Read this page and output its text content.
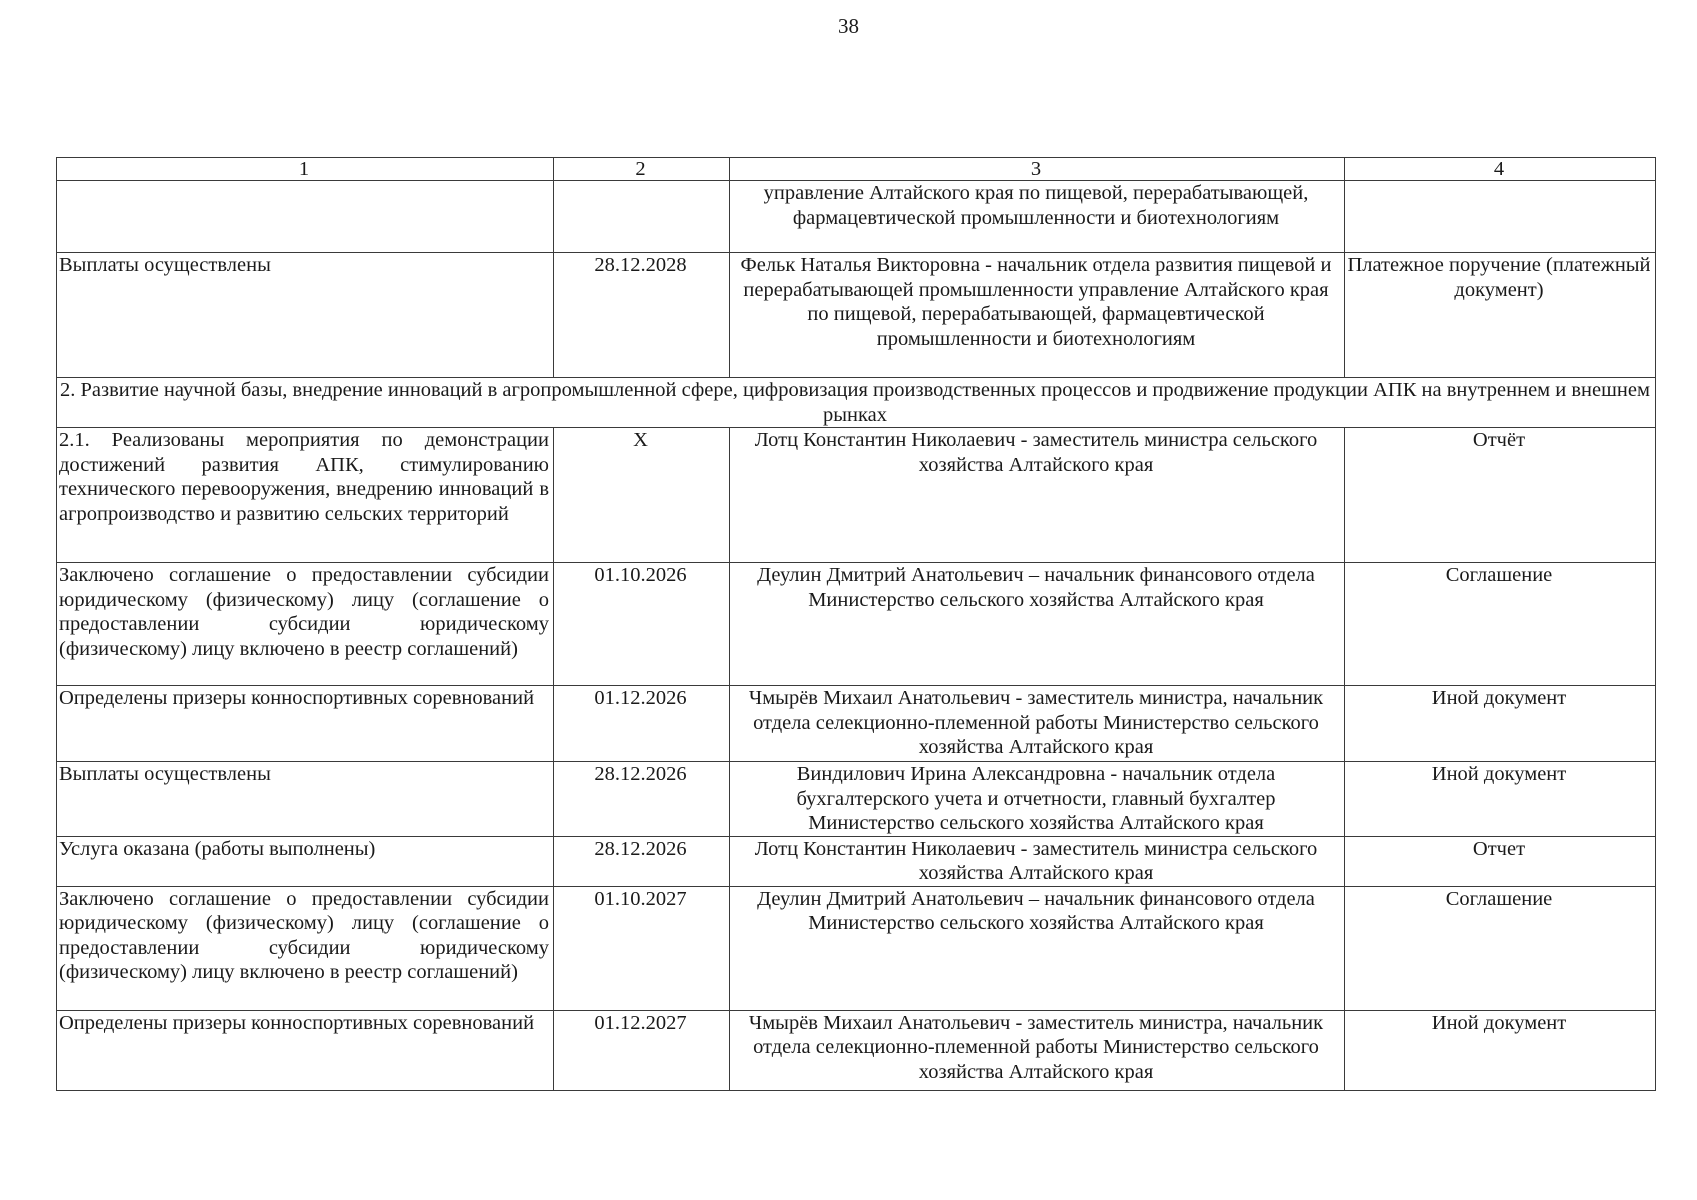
38
1	2	3	4
		управление Алтайского края по пищевой, перерабатывающей, фармацевтической промышленности и биотехнологиям	
Выплаты осуществлены	28.12.2028	Фельк Наталья Викторовна - начальник отдела развития пищевой и перерабатывающей промышленности управление Алтайского края по пищевой, перерабатывающей, фармацевтической промышленности и биотехнологиям	Платежное поручение (платежный документ)
2. Развитие научной базы, внедрение инноваций в агропромышленной сфере, цифровизация производственных процессов и продвижение продукции АПК на внутреннем и внешнем рынках			
2.1. Реализованы мероприятия по демонстрации достижений развития АПК, стимулированию технического перевооружения, внедрению инноваций в агропроизводство и развитию сельских территорий	X	Лотц Константин Николаевич - заместитель министра сельского хозяйства Алтайского края	Отчёт
Заключено соглашение о предоставлении субсидии юридическому (физическому) лицу (соглашение о предоставлении субсидии юридическому (физическому) лицу включено в реестр соглашений)	01.10.2026	Деулин Дмитрий Анатольевич – начальник финансового отдела Министерство сельского хозяйства Алтайского края	Соглашение
Определены призеры конноспортивных соревнований	01.12.2026	Чмырёв Михаил Анатольевич - заместитель министра, начальник отдела селекционно-племенной работы Министерство сельского хозяйства Алтайского края	Иной документ
Выплаты осуществлены	28.12.2026	Виндилович Ирина Александровна - начальник отдела бухгалтерского учета и отчетности, главный бухгалтер Министерство сельского хозяйства Алтайского края	Иной документ
Услуга оказана (работы выполнены)	28.12.2026	Лотц Константин Николаевич - заместитель министра сельского хозяйства Алтайского края	Отчет
Заключено соглашение о предоставлении субсидии юридическому (физическому) лицу (соглашение о предоставлении субсидии юридическому (физическому) лицу включено в реестр соглашений)	01.10.2027	Деулин Дмитрий Анатольевич – начальник финансового отдела Министерство сельского хозяйства Алтайского края	Соглашение
Определены призеры конноспортивных соревнований	01.12.2027	Чмырёв Михаил Анатольевич - заместитель министра, начальник отдела селекционно-племенной работы Министерство сельского хозяйства Алтайского края	Иной документ
